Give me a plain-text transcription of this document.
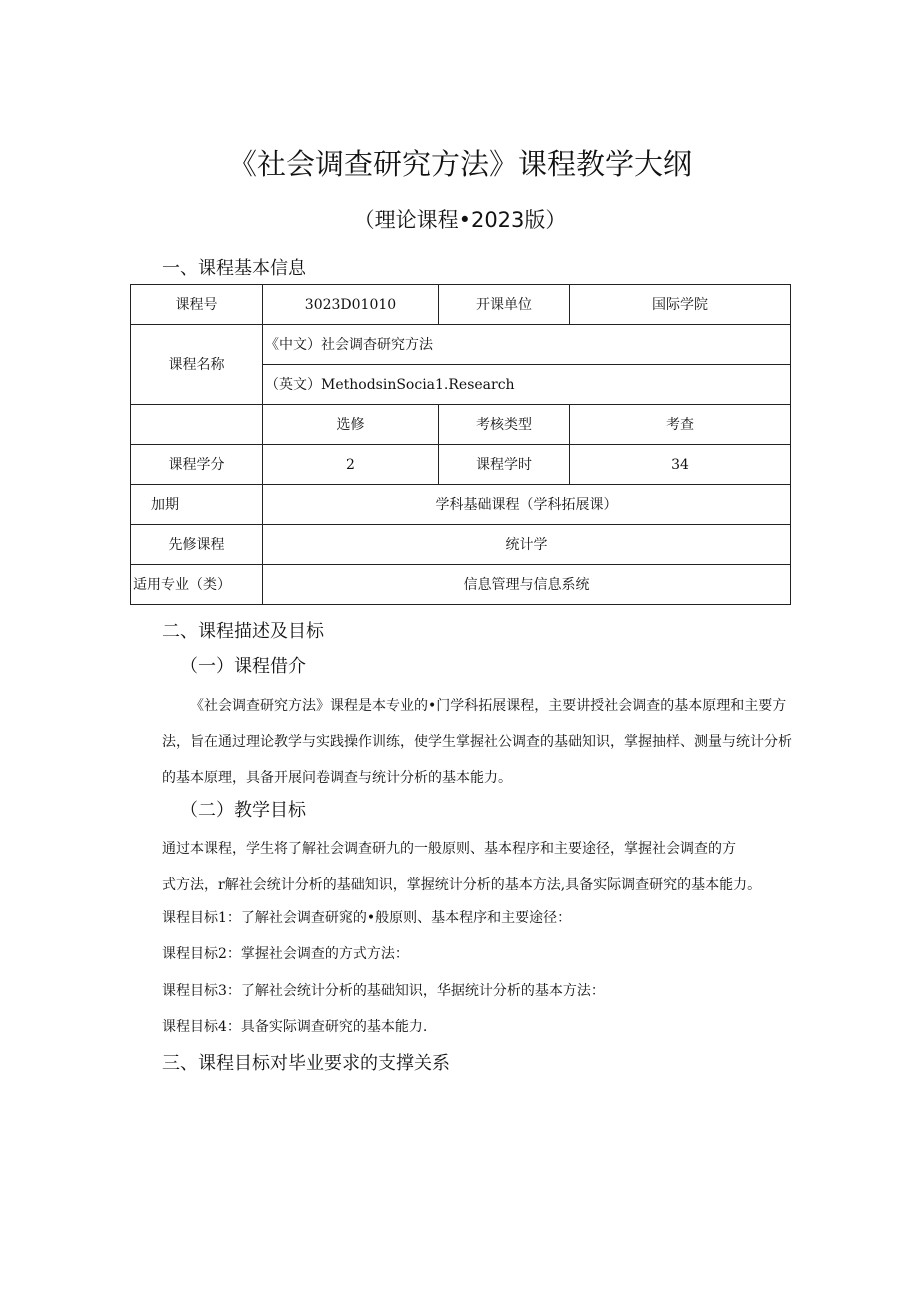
《社会调查研究方法》课程教学大纲
（理论课程•2023版）
一、课程基本信息
课程号	3023D01010	开课单位	国际学院
课程名称	《中文）社会调杳研究方法		
	（英文）MethodsinSocia1.Research		
	选修	考核类型	考查
课程学分	2	课程学时	34
加期	学科基础课程（学科拓展课）		
先修课程	统计学		
适用专业（类）	信息管理与信息系统		
二、课程描述及目标
（一）课程借介

《社会调查研究方法》课程是本专业的•门学科拓展课程，主要讲授社会调查的基本原理和主要方法，旨在通过理论教学与实践操作训练，使学生掌握社公调查的基础知识，掌握抽样、测量与统计分析的基本原理，具备开展问卷调查与统计分析的基本能力。

（二）教学目标
通过本课程，学生将了解社会调查研九的一般原则、基本程序和主要途径，掌握社会调查的方
式方法，r解社会统计分析的基础知识，掌握统计分析的基本方法,具备实际调查研究的基本能力。

课程目标1：了解社会调查研窕的•般原则、基本程序和主要途径：

课程目标2：掌握社会调查的方式方法：

课程目标3：了解社会统计分析的基础知识，华据统计分析的基本方法：

课程目标4：具备实际调查研究的基本能力.

三、课程目标对毕业要求的支撑关系
